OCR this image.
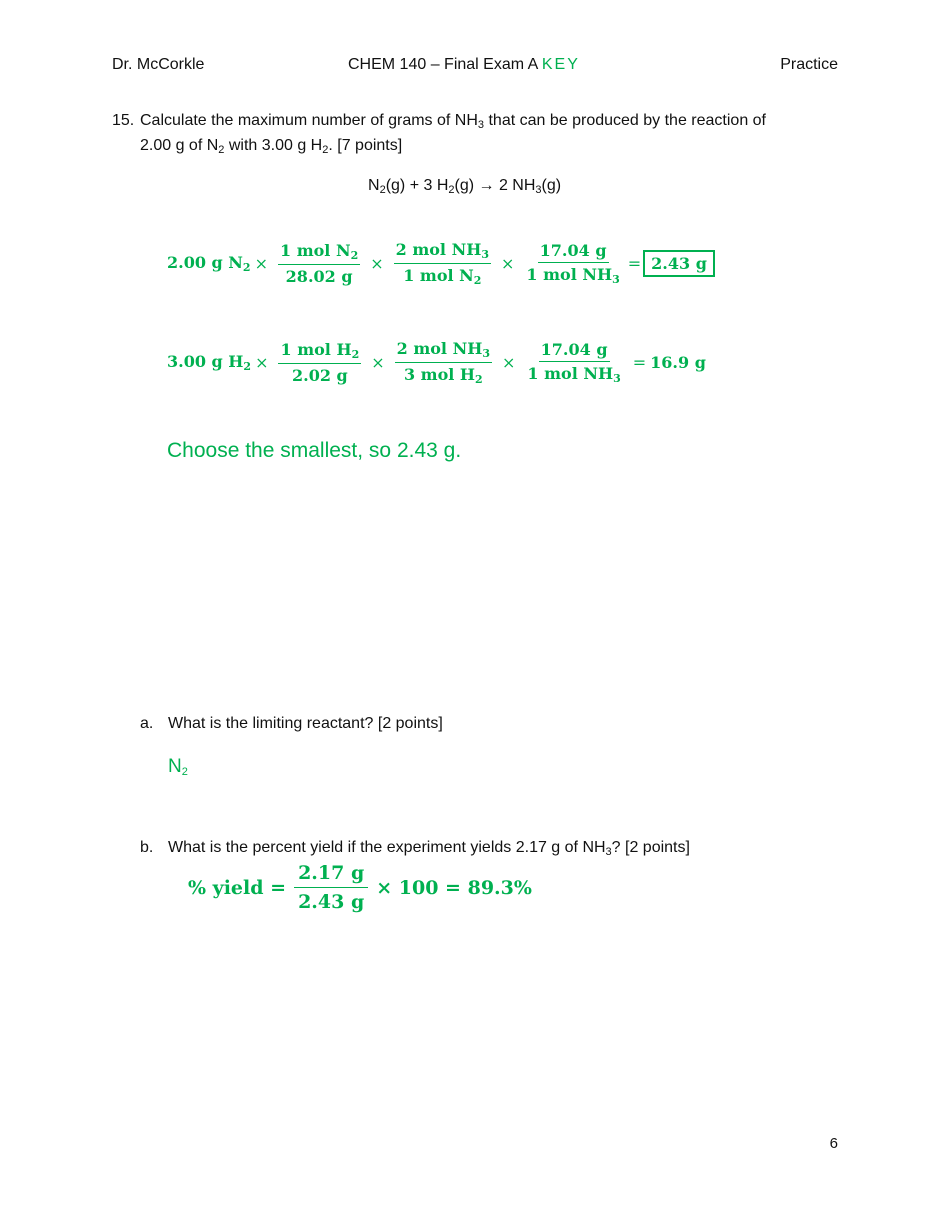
Dr. McCorkle	CHEM 140 – Final Exam A KEY	Practice
15. Calculate the maximum number of grams of $NH_3$ that can be produced by the reaction of
2.00 g of $N_2$ with 3.00 g $H_2$. [7 points]
$N_2(g) + 3$ $H_2(g) \to 2$ $NH_3(g)$
2.00 g $N_2 \times \frac{1 mol N_2}{28.02 g} \times \frac{2 mol NH_3}{1 mol N_2} \times \frac{17.04 g}{1 mol NH_3} = 2.43$ g
3.00 g $H_2 \times \frac{1 mol H_2}{2.02 g} \times \frac{2 mol NH_3}{3 mol H_2} \times \frac{17.04 g}{1 mol NH_3} = 16.9$ g
Choose the smallest, so 2.43 g.
a. What is the limiting reactant? [2 points]
$N_2$
b. What is the percent yield if the experiment yields 2.17 g of $NH_3$? [2 points]
% yield = $\frac{2.17 g}{2.43 g} \times 100 = 89.3\%$
6
